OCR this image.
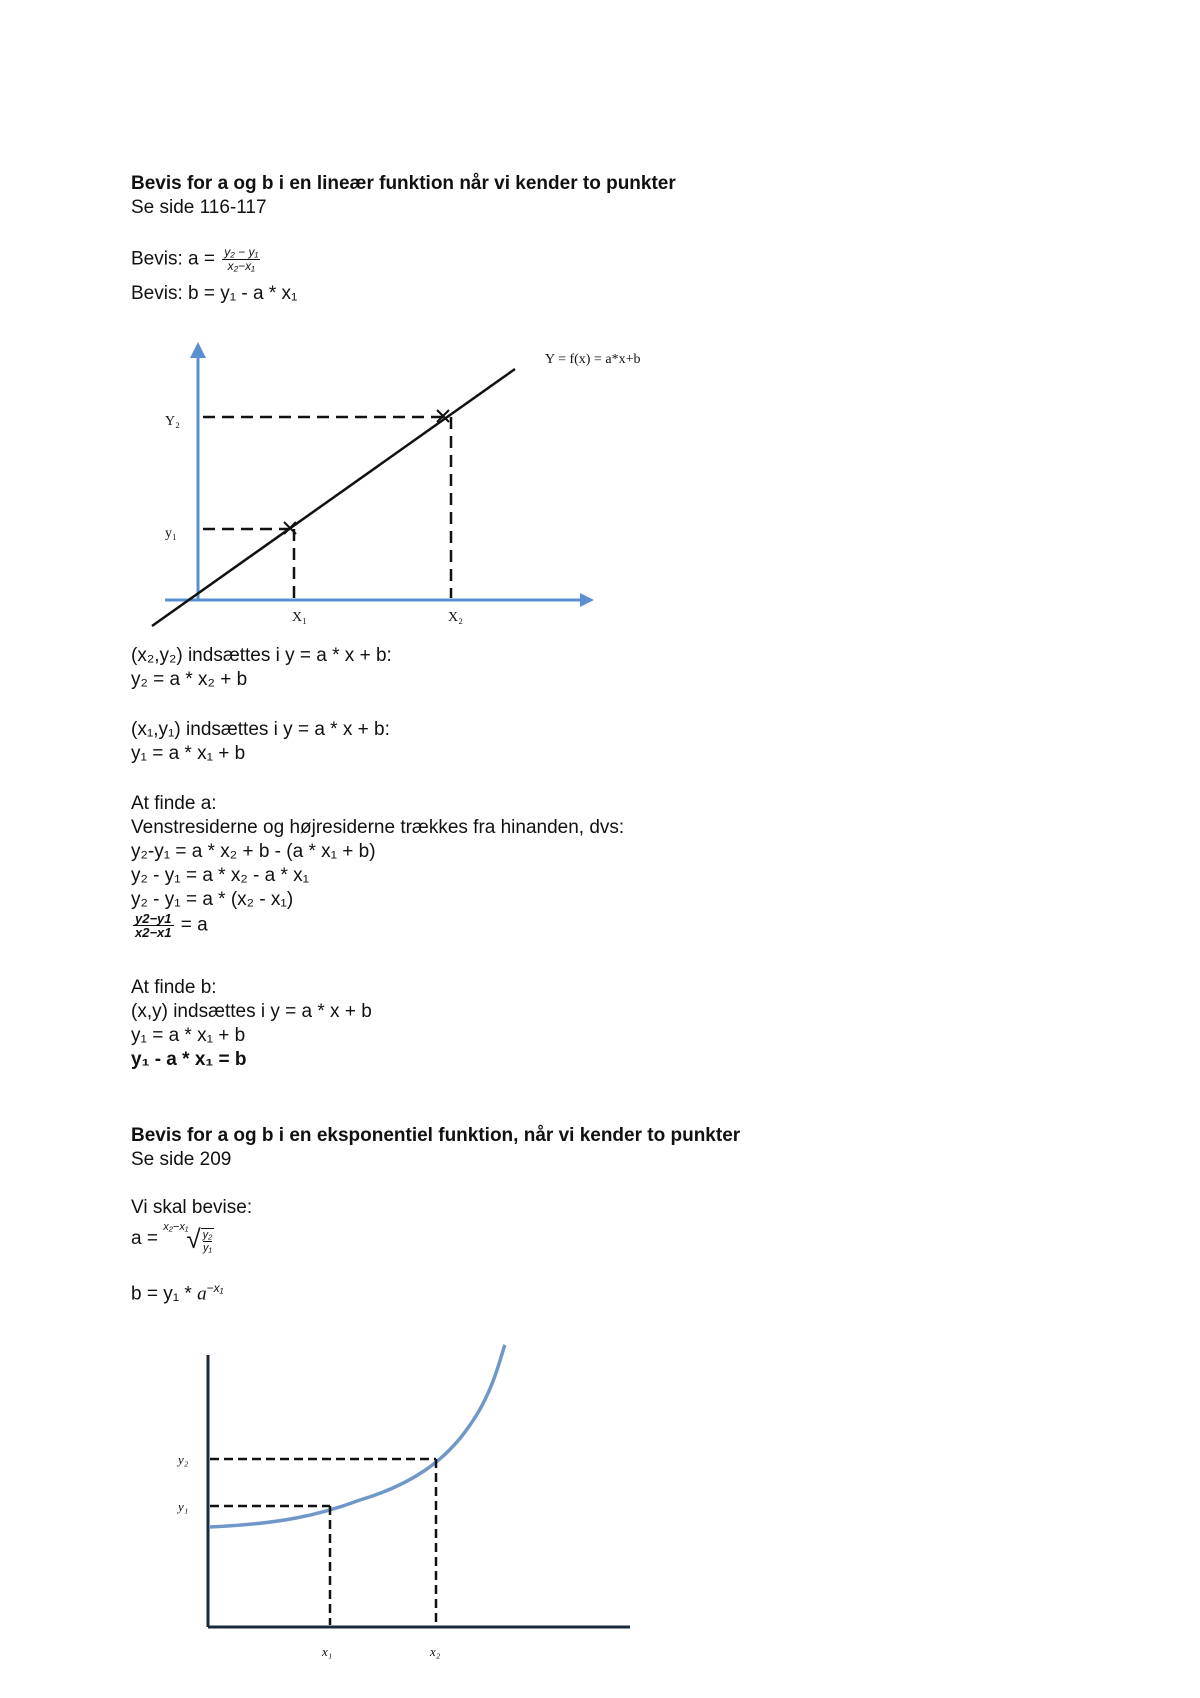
Bevis for a og b i en lineær funktion når vi kender to punkter
Se side 116-117
Bevis: $a = \frac{\text{y₂ − y₁}}{\text{x₂−x₁}}$
Bevis: b = y₁ - a * x₁
Y = f(x) = a*x+b
Y₂
y₁
X₁	X₂
(x₂,y₂) indsættes i y = a * x + b:
y₂ = a * x₂ + b
(x₁,y₁) indsættes i y = a * x + b:
y₁ = a * x₁ + b
At finde a:
Venstresiderne og højresiderne trækkes fra hinanden, dvs:
y₂-y₁ = a * x₂ + b - (a * x₁ + b)
y₂ - y₁ = a * x₂ - a * x₁
y₂ - y₁ = a * (x₂ - x₁)
$\frac{y2-y1}{x2-x1} = a$
At finde b:
(x,y) indsættes i y = a * x + b
y₁ = a * x₁ + b
y₁ - a * x₁ = b
Bevis for a og b i en eksponentiel funktion, når vi kender to punkter
Se side 209
Vi skal bevise:
a =
x₂−x₁
√ $\frac{\text{y₂}}{\text{y₁}}$
$b = y_1 * a^{-x_1}$
y₂
y₁
x₁	x₂
